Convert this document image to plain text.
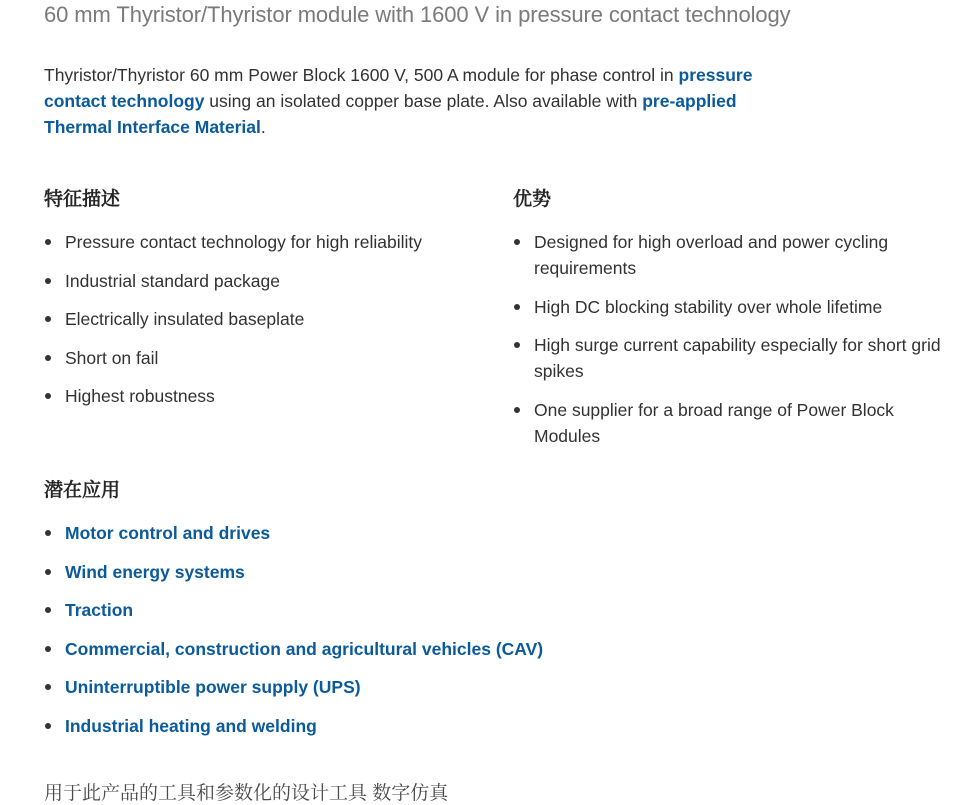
60 mm Thyristor/Thyristor module with 1600 V in pressure contact technology

Thyristor/Thyristor 60 mm Power Block 1600 V, 500 A module for phase control in pressure contact technology using an isolated copper base plate. Also available with pre-applied Thermal Interface Material.

特征描述
Pressure contact technology for high reliability
Industrial standard package
Electrically insulated baseplate
Short on fail
Highest robustness
优势
Designed for high overload and power cycling requirements
High DC blocking stability over whole lifetime
High surge current capability especially for short grid spikes
One supplier for a broad range of Power Block Modules
潜在应用
Motor control and drives
Wind energy systems
Traction
Commercial, construction and agricultural vehicles (CAV)
Uninterruptible power supply (UPS)
Industrial heating and welding
用于此产品的工具和参数化的设计工具 数字仿真
